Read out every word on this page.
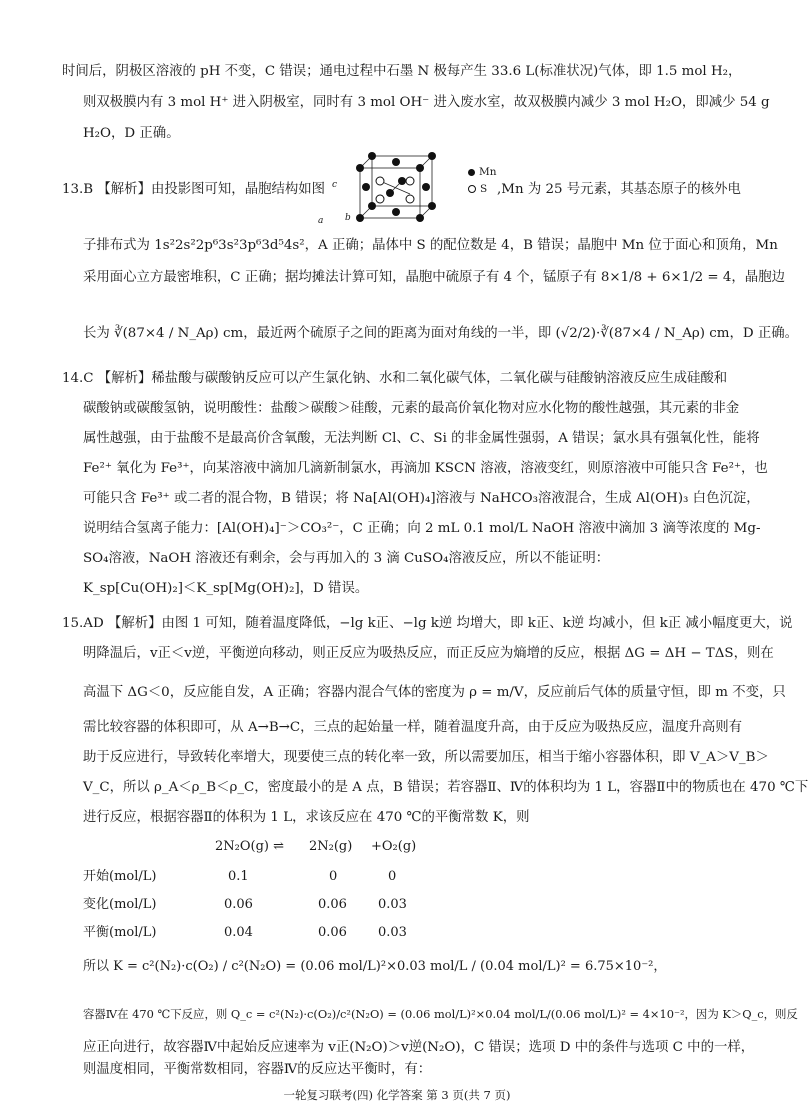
时间后，阴极区溶液的 pH 不变，C 错误；通电过程中石墨 N 极每产生 33.6 L(标准状况)气体，即 1.5 mol H₂，
则双极膜内有 3 mol H⁺ 进入阴极室，同时有 3 mol OH⁻ 进入废水室，故双极膜内减少 3 mol H₂O，即减少 54 g
H₂O，D 正确。
13.B 【解析】由投影图可知，晶胞结构如图 c
a b
Mn
S ,Mn 为 25 号元素，其基态原子的核外电
子排布式为 1s²2s²2p⁶3s²3p⁶3d⁵4s²，A 正确；晶体中 S 的配位数是 4，B 错误；晶胞中 Mn 位于面心和顶角，Mn
采用面心立方最密堆积，C 正确；据均摊法计算可知，晶胞中硫原子有 4 个，锰原子有 8×1/8 + 6×1/2 = 4，晶胞边
长为 ∛(87×4 / N_Aρ) cm，最近两个硫原子之间的距离为面对角线的一半，即 (√2/2)·∛(87×4 / N_Aρ) cm，D 正确。
14.C 【解析】稀盐酸与碳酸钠反应可以产生氯化钠、水和二氧化碳气体，二氧化碳与硅酸钠溶液反应生成硅酸和
碳酸钠或碳酸氢钠，说明酸性：盐酸＞碳酸＞硅酸，元素的最高价氧化物对应水化物的酸性越强，其元素的非金
属性越强，由于盐酸不是最高价含氧酸，无法判断 Cl、C、Si 的非金属性强弱，A 错误；氯水具有强氧化性，能将
Fe²⁺ 氧化为 Fe³⁺，向某溶液中滴加几滴新制氯水，再滴加 KSCN 溶液，溶液变红，则原溶液中可能只含 Fe²⁺，也
可能只含 Fe³⁺ 或二者的混合物，B 错误；将 Na[Al(OH)₄]溶液与 NaHCO₃溶液混合，生成 Al(OH)₃ 白色沉淀，
说明结合氢离子能力：[Al(OH)₄]⁻＞CO₃²⁻，C 正确；向 2 mL 0.1 mol/L NaOH 溶液中滴加 3 滴等浓度的 Mg-
SO₄溶液，NaOH 溶液还有剩余，会与再加入的 3 滴 CuSO₄溶液反应，所以不能证明：
K_sp[Cu(OH)₂]＜K_sp[Mg(OH)₂]，D 错误。
15.AD 【解析】由图 1 可知，随着温度降低，−lg k正、−lg k逆 均增大，即 k正、k逆 均减小，但 k正 减小幅度更大，说
明降温后，v正＜v逆，平衡逆向移动，则正反应为吸热反应，而正反应为熵增的反应，根据 ΔG = ΔH − TΔS，则在
高温下 ΔG＜0，反应能自发，A 正确；容器内混合气体的密度为 ρ = m/V，反应前后气体的质量守恒，即 m 不变，只
需比较容器的体积即可，从 A→B→C，三点的起始量一样，随着温度升高，由于反应为吸热反应，温度升高则有
助于反应进行，导致转化率增大，现要使三点的转化率一致，所以需要加压，相当于缩小容器体积，即 V_A＞V_B＞
V_C，所以 ρ_A＜ρ_B＜ρ_C，密度最小的是 A 点，B 错误；若容器Ⅱ、Ⅳ的体积均为 1 L，容器Ⅱ中的物质也在 470 ℃下
进行反应，根据容器Ⅱ的体积为 1 L，求该反应在 470 ℃的平衡常数 K，则
2N₂O(g) ⇌ 2N₂(g) +O₂(g)
开始(mol/L)	0.1	0	0
变化(mol/L)	0.06	0.06 0.03
平衡(mol/L)	0.04	0.06 0.03
所以 K = c²(N₂)·c(O₂) / c²(N₂O) = (0.06 mol/L)²×0.03 mol/L / (0.04 mol/L)² = 6.75×10⁻²，
容器Ⅳ在 470 ℃下反应，则 Q_c = c²(N₂)·c(O₂)/c²(N₂O) = (0.06 mol/L)²×0.04 mol/L/(0.06 mol/L)² = 4×10⁻²，因为 K＞Q_c，则反
应正向进行，故容器Ⅳ中起始反应速率为 v正(N₂O)＞v逆(N₂O)，C 错误；选项 D 中的条件与选项 C 中的一样，
则温度相同，平衡常数相同，容器Ⅳ的反应达平衡时，有：
一轮复习联考(四) 化学答案 第 3 页(共 7 页)
